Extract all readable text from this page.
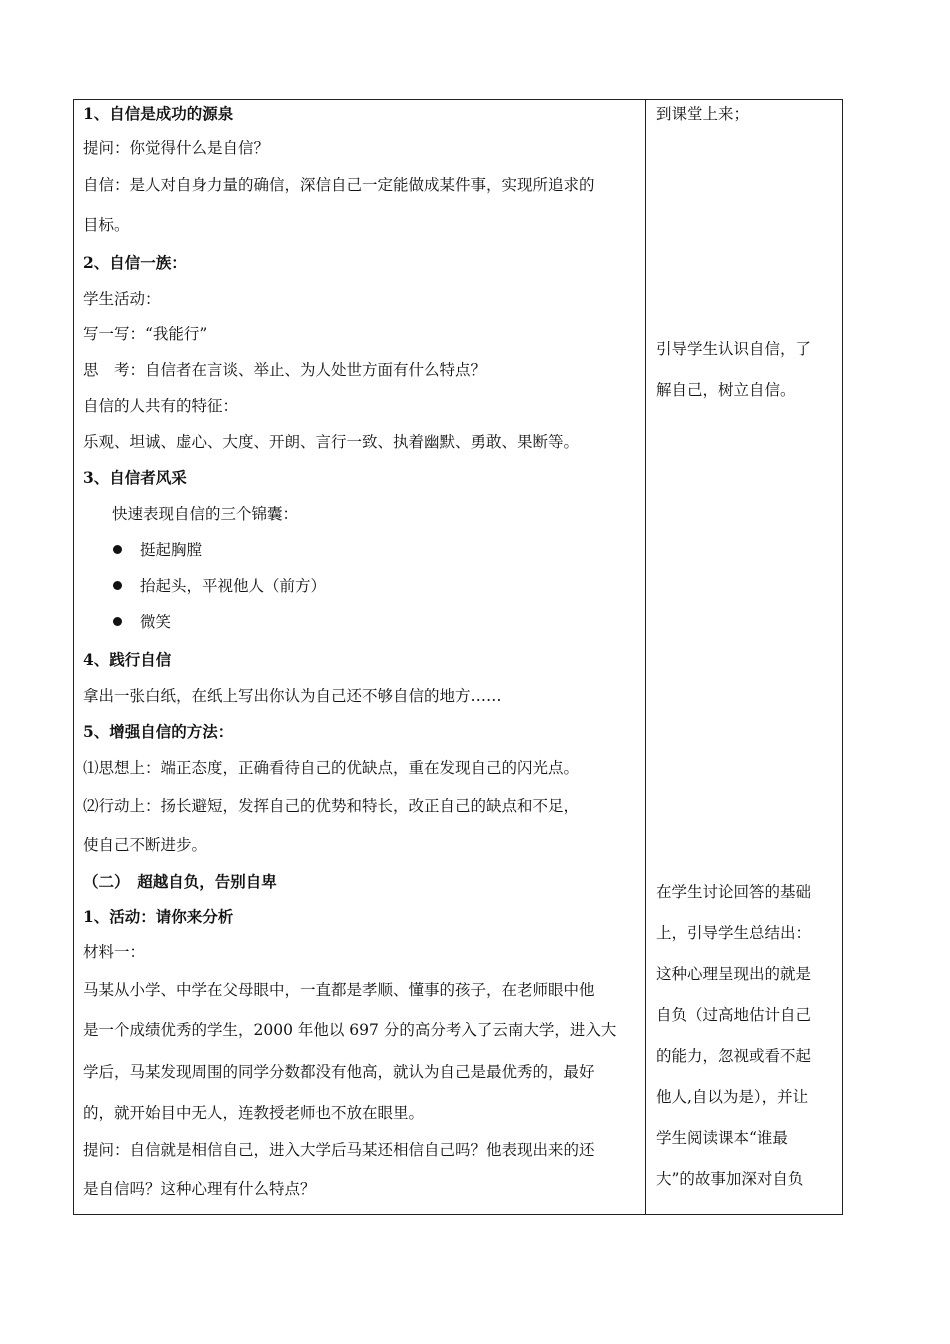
1、自信是成功的源泉
提问：你觉得什么是自信？
自信：是人对自身力量的确信，深信自己一定能做成某件事，实现所追求的
目标。
2、自信一族：
学生活动：
写一写：“我能行”
思　考：自信者在言谈、举止、为人处世方面有什么特点？
自信的人共有的特征：
乐观、坦诚、虚心、大度、开朗、言行一致、执着幽默、勇敢、果断等。
3、自信者风采
快速表现自信的三个锦囊：
挺起胸膛
抬起头，平视他人（前方）
微笑
4、践行自信
拿出一张白纸，在纸上写出你认为自己还不够自信的地方……
5、增强自信的方法：
⑴思想上：端正态度，正确看待自己的优缺点，重在发现自己的闪光点。
⑵行动上：扬长避短，发挥自己的优势和特长，改正自己的缺点和不足，
使自己不断进步。
（二）　超越自负，告别自卑
1、活动：请你来分析
材料一：
马某从小学、中学在父母眼中，一直都是孝顺、懂事的孩子，在老师眼中他
是一个成绩优秀的学生，2000 年他以 697 分的高分考入了云南大学，进入大
学后，马某发现周围的同学分数都没有他高，就认为自己是最优秀的，最好
的，就开始目中无人，连教授老师也不放在眼里。
提问：自信就是相信自己，进入大学后马某还相信自己吗？他表现出来的还
是自信吗？这种心理有什么特点？
到课堂上来；
引导学生认识自信，了
解自己，树立自信。
在学生讨论回答的基础
上，引导学生总结出：
这种心理呈现出的就是
自负（过高地估计自己
的能力，忽视或看不起
他人,自以为是），并让
学生阅读课本“谁最
大”的故事加深对自负
